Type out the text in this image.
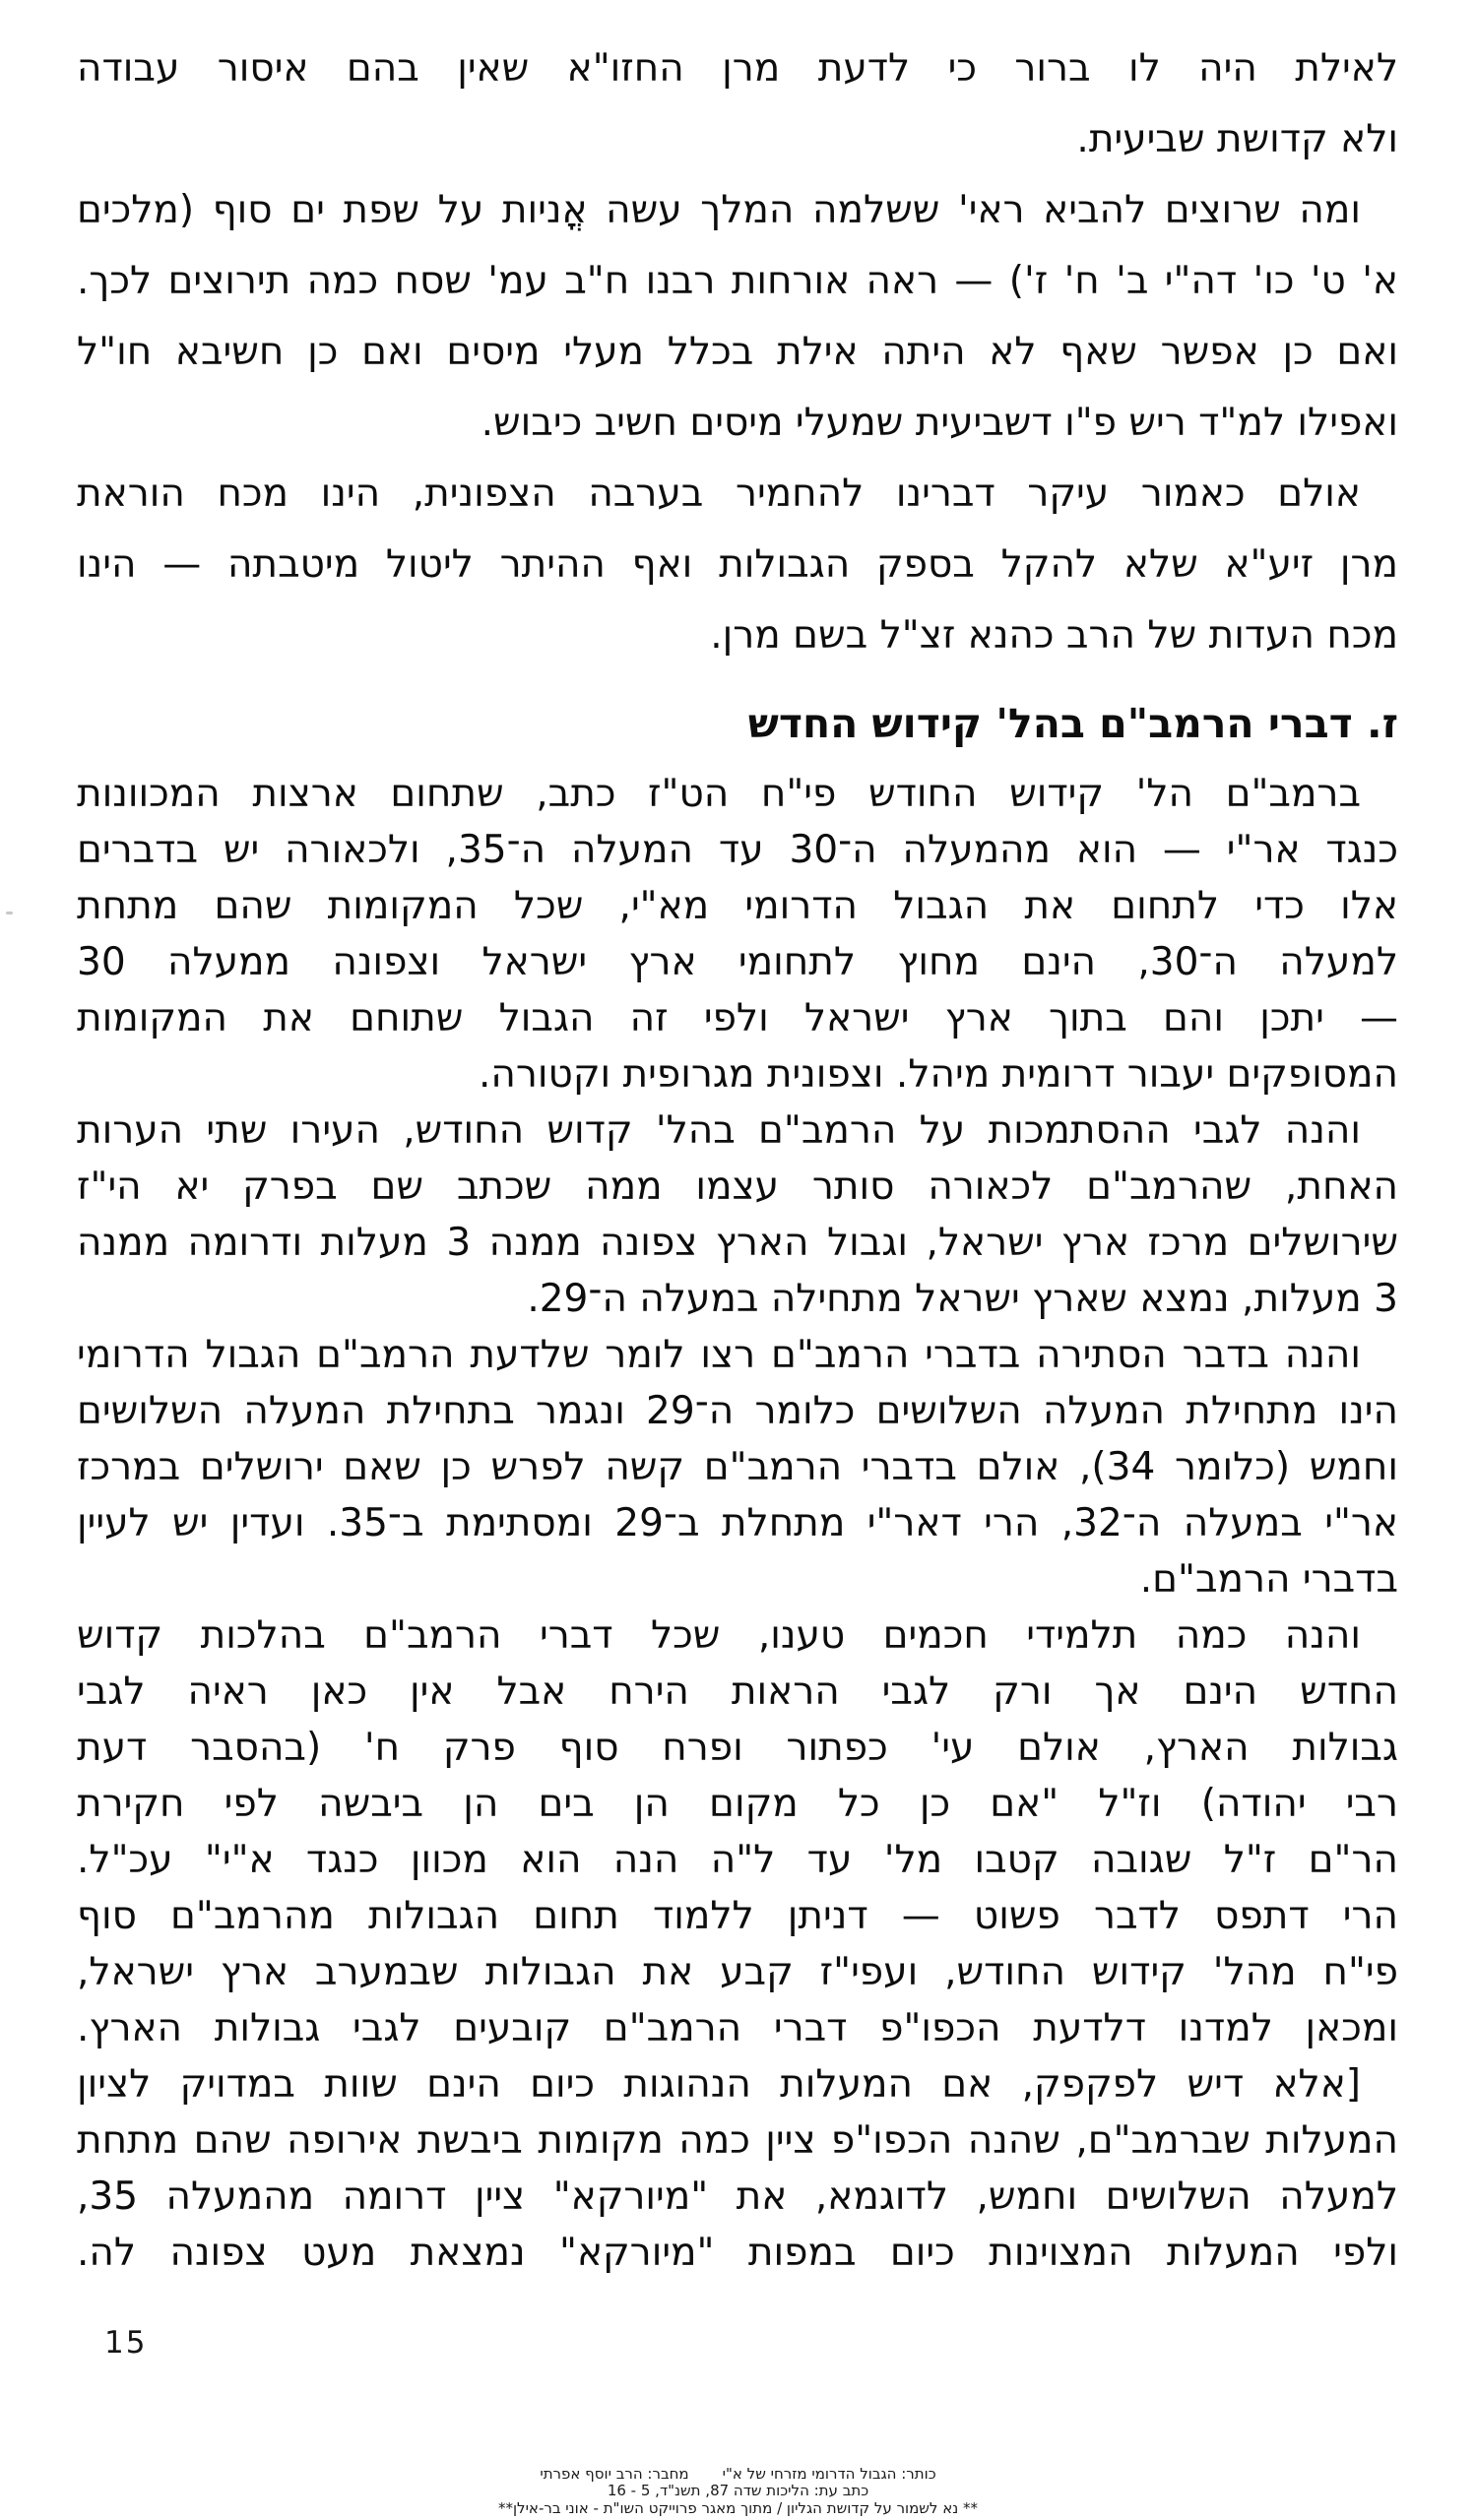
לאילת היה לו ברור כי לדעת מרן החזו"א שאין בהם איסור עבודה
ולא קדושת שביעית.
ומה שרוצים להביא ראי' ששלמה המלך עשה אֳניות על שפת ים סוף (מלכים
א' ט' כו' דה"י ב' ח' ז') — ראה אורחות רבנו ח"ב עמ' שסח כמה תירוצים לכך.
ואם כן אפשר שאף לא היתה אילת בכלל מעלי מיסים ואם כן חשיבא חו"ל
ואפילו למ"ד ריש פ"ו דשביעית שמעלי מיסים חשיב כיבוש.
אולם כאמור עיקר דברינו להחמיר בערבה הצפונית, הינו מכח הוראת
מרן זיע"א שלא להקל בספק הגבולות ואף ההיתר ליטול מיטבתה — הינו
מכח העדות של הרב כהנא זצ"ל בשם מרן.
ז. דברי הרמב"ם בהל' קידוש החדש
ברמב"ם הל' קידוש החודש פי"ח הט"ז כתב, שתחום ארצות המכוונות
כנגד אר"י — הוא מהמעלה ה־30 עד המעלה ה־35, ולכאורה יש בדברים
אלו כדי לתחום את הגבול הדרומי מא"י, שכל המקומות שהם מתחת
למעלה ה־30, הינם מחוץ לתחומי ארץ ישראל וצפונה ממעלה 30
— יתכן והם בתוך ארץ ישראל ולפי זה הגבול שתוחם את המקומות
המסופקים יעבור דרומית מיהל. וצפונית מגרופית וקטורה.
והנה לגבי ההסתמכות על הרמב"ם בהל' קדוש החודש, העירו שתי הערות
האחת, שהרמב"ם לכאורה סותר עצמו ממה שכתב שם בפרק יא הי"ז
שירושלים מרכז ארץ ישראל, וגבול הארץ צפונה ממנה 3 מעלות ודרומה ממנה
3 מעלות, נמצא שארץ ישראל מתחילה במעלה ה־29.
והנה בדבר הסתירה בדברי הרמב"ם רצו לומר שלדעת הרמב"ם הגבול הדרומי
הינו מתחילת המעלה השלושים כלומר ה־29 ונגמר בתחילת המעלה השלושים
וחמש (כלומר 34), אולם בדברי הרמב"ם קשה לפרש כן שאם ירושלים במרכז
אר"י במעלה ה־32, הרי דאר"י מתחלת ב־29 ומסתימת ב־35. ועדין יש לעיין
בדברי הרמב"ם.
והנה כמה תלמידי חכמים טענו, שכל דברי הרמב"ם בהלכות קדוש
החדש הינם אך ורק לגבי הראות הירח אבל אין כאן ראיה לגבי
גבולות הארץ, אולם עי' כפתור ופרח סוף פרק ח' (בהסבר דעת
רבי יהודה) וז"ל "אם כן כל מקום הן בים הן ביבשה לפי חקירת
הר"ם ז"ל שגובה קטבו מל' עד ל"ה הנה הוא מכוון כנגד א"י" עכ"ל.
הרי דתפס לדבר פשוט — דניתן ללמוד תחום הגבולות מהרמב"ם סוף
פי"ח מהל' קידוש החודש, ועפי"ז קבע את הגבולות שבמערב ארץ ישראל,
ומכאן למדנו דלדעת הכפו"פ דברי הרמב"ם קובעים לגבי גבולות הארץ.
[אלא דיש לפקפק, אם המעלות הנהוגות כיום הינם שוות במדויק לציון
המעלות שברמב"ם, שהנה הכפו"פ ציין כמה מקומות ביבשת אירופה שהם מתחת
למעלה השלושים וחמש, לדוגמא, את "מיורקא" ציין דרומה מהמעלה 35,
ולפי המעלות המצוינות כיום במפות "מיורקא" נמצאת מעט צפונה לה.
15
כותר: הגבול הדרומי מזרחי של א"ימחבר: הרב יוסף אפרתי
כתב עת: הליכות שדה 87, תשנ"ד, 5 - 16
** נא לשמור על קדושת הגליון / מתוך מאגר פרוייקט השו"ת - אוני בר-אילן**
